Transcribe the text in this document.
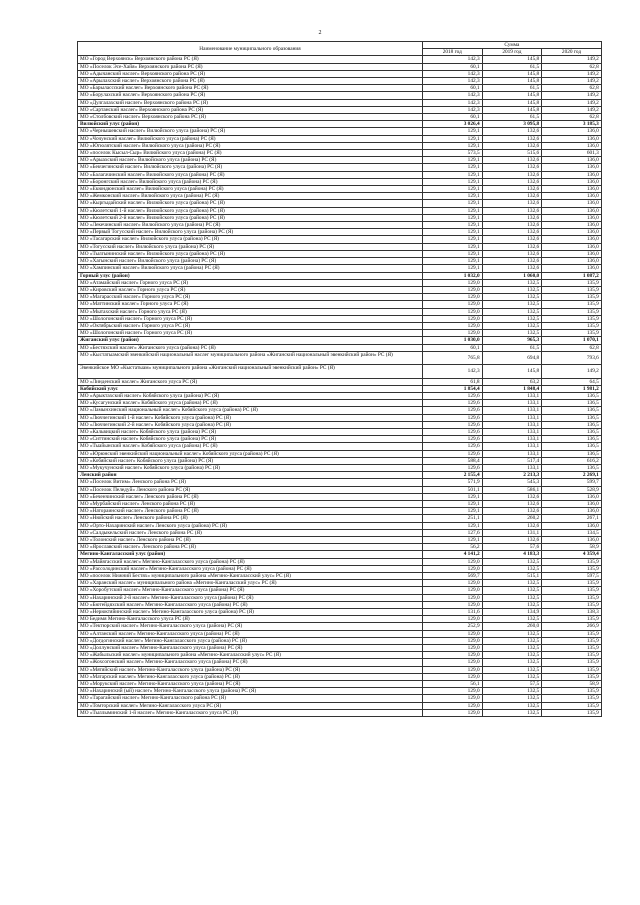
2
Наименование муниципального образования	Сумма		
	2018 год	2019 год	2020 год
МО «Город Верхоянск» Верхоянского района РС (Я)	142,3	145,8	149,2
МО «Поселок Эсе-Хайя» Верхоянского района РС (Я)	60,1	61,5	62,8
МО «Адычанский наслег» Верхоянского района РС (Я)	142,3	145,8	149,2
МО «Арылахский наслег» Верхоянского района РС (Я)	142,3	145,8	149,2
МО «Барылассский наслег» Верхоянского района РС (Я)	60,1	61,5	62,8
МО «Борулахский наслег» Верхоянского района РС (Я)	142,3	145,8	149,2
МО «Дулгалахский наслег» Верхоянского района РС (Я)	142,3	145,8	149,2
МО «Сартанский наслег» Верхоянского района РС (Я)	142,3	145,8	149,2
МО «Столбовский наслег» Верхоянского района РС (Я)	60,1	61,5	62,8
Вилюйский улус (район)	3 026,4	3 095,8	3 185,3
МО «Чернышевский наслег» Вилюйского улуса (района) РС (Я)	129,1	132,6	136,0
МО «Чочунский наслег» Вилюйского улуса (района) РС (Я)	129,1	132,6	136,0
МО «Югюлятский наслег» Вилюйского улуса (района) РС (Я)	129,1	132,6	136,0
МО «поселок Кысыл-Сыр» Вилюйского улуса (района) РС (Я)	573,5	515,6	601,3
МО «Арыахский наслег» Вилюйского улуса (района) РС (Я)	129,1	132,6	136,0
МО «Бекчегинский наслег» Вилюйского улуса (района) РС (Я)	129,1	132,6	136,0
МО «Балагачинский наслег» Вилюйского улуса (района) РС (Я)	129,1	132,6	136,0
МО «Боронгский наслег» Вилюйского улуса (района) РС (Я)	129,1	132,6	136,0
МО «Екюндюнский наслег» Вилюйского улуса (района) РС (Я)	129,1	132,6	136,0
МО «Жемконский наслег» Вилюйского улуса (района) РС (Я)	129,1	132,6	136,0
МО «Кыргыдайский наслег» Вилюйского улуса (района) РС (Я)	129,1	132,6	136,0
МО «Кюлетский 1-й наслег» Вилюйского улуса (района) РС (Я)	129,1	132,6	136,0
МО «Кюлетский 2-й наслег» Вилюйского улуса (района) РС (Я)	129,1	132,6	136,0
МО «Лекечинский наслег» Вилюйского улуса (района) РС (Я)	129,1	132,6	136,0
МО «Первый Тогусский наслег» Вилюйского улуса (района) РС (Я)	129,1	132,6	136,0
МО «Тасагарский наслег» Вилюйского улуса (района) РС (Я)	129,1	132,6	136,0
МО «Тогусский наслег» Вилюйского улуса (района) РС (Я)	129,1	132,6	136,0
МО «Тылгынинский наслег» Вилюйского улуса (района) РС (Я)	129,1	132,6	136,0
МО «Хагынский наслег» Вилюйского улуса (района) РС (Я)	129,1	132,6	136,0
МО «Хампинский наслег» Вилюйского улуса (района) РС (Я)	129,1	132,6	136,0
Горный улус (район)	1 032,0	1 060,0	1 087,2
МО «Атамайский наслег» Горного улуса РС (Я)	129,0	132,5	135,9
МО «Кировский наслег» Горного улуса РС (Я)	129,0	132,5	135,9
МО «Магарасский наслег» Горного улуса РС (Я)	129,0	132,5	135,9
МО «Маттинский наслег» Горного улуса РС (Я)	129,0	132,5	135,9
МО «Мытахский наслег» Горного улуса РС (Я)	129,0	132,5	135,9
МО «Шологонский наслег» Горного улуса РС (Я)	129,0	132,5	135,9
МО «Октябрьский наслег» Горного улуса РС (Я)	129,0	132,5	135,9
МО «Шологонский наслег» Горного улуса РС (Я)	129,0	132,5	135,9
Жиганский улус (район)	1 030,0	965,3	1 070,1
МО «Бестяхский наслег» Жиганского улуса (района) РС (Я)	60,1	61,5	62,8
МО «Кыстатыамский эвенкийский национальный наслег муниципального района «Жиганский национальный эвенкийский район» РС (Я)	765,8	694,8	793,6
Эвенкийское МО «Кыстатыам» муниципального района «Жиганский национальный эвенкийский район» РС (Я)	142,3	145,8	149,2
МО «Линденский наслег» Жиганского улуса РС (Я)	61,8	63,2	64,5
Кобяйский улус	1 854,4	1 848,4	1 981,2
МО «Арыктахский наслег» Кобяйского улуса (района) РС (Я)	129,6	133,1	136,5
МО «Кусагунский наслег» Кобяйского улуса (района) РС (Я)	129,6	133,1	136,5
МО «Ламынхинский национальный наслег» Кобяйского улуса (района) РС (Я)	129,6	133,1	136,5
МО «Люччегинский 1-й наслег» Кобяйского улуса (района) РС (Я)	129,6	133,1	136,5
МО «Люччегинский 2-й наслег» Кобяйского улуса (района) РС (Я)	129,6	133,1	136,5
МО «Кальвицкий наслег» Кобяйского улуса (района) РС (Я)	129,6	133,1	136,5
МО «Ситтинский наслег» Кобяйского улуса (района) РС (Я)	129,6	133,1	136,5
МО «Тыайынский наслег» Кобяйского улуса (района) РС (Я)	129,6	133,1	136,5
МО «Юрюнский эвенкийский национальный наслег» Кобяйского улуса (района) РС (Я)	129,6	133,1	136,5
МО «Кобяйский наслег» Кобяйского улуса (района) РС (Я)	588,4	517,4	616,2
МО «Мукучунский наслег» Кобяйского улуса (района) РС (Я)	129,6	133,1	136,5
Ленский район	2 155,4	2 213,3	2 269,1
МО «Поселок Витим» Ленского района РС (Я)	571,9	545,3	599,7
МО «Поселок Пеледуй» Ленского района РС (Я)	501,1	586,1	528,9
МО «Беченчинский наслег» Ленского района РС (Я)	129,1	132,6	136,0
МО «Мурбайский наслег» Ленского района РС (Я)	129,1	132,6	136,0
МО «Натораинский наслег» Ленского района РС (Я)	129,1	132,6	136,0
МО «Нюйский наслег» Ленского района РС (Я)	251,1	260,2	267,1
МО «Орто-Нахаринский наслег» Ленского улуса (района) РС (Я)	129,1	132,6	136,0
МО «Салдыкельский наслег» Ленского района РС (Я)	127,6	131,1	134,5
МО «Толонский наслег» Ленского района РС (Я)	129,1	132,6	136,0
МО «Ярославский наслег» Ленского района РС (Я)	56,2	57,6	58,9
Мегино-Кангаласский улус (район)	4 141,2	4 183,3	4 359,4
МО «Майягасский наслег» Мегино-Кангаласского улуса (района) РС (Я)	129,0	132,5	135,9
МО «Рассолодинский наслег» Мегино-Кангаласского улуса (района) РС (Я)	129,0	132,5	135,9
МО «поселок Нижний Бестях» муниципального района «Мегино-Кангаласский улус» РС (Я)	569,7	515,1	597,5
МО «Харанский наслег» муниципального района «Мегино-Кангаласский улус» РС (Я)	129,0	132,5	135,9
МО «Хоробутский наслег» Мегино-Кангаласского улуса (района) РС (Я)	129,0	132,5	135,9
МО «Нахаринский 2-й наслег» Мегино-Кангаласского улуса (района) РС (Я)	129,0	132,5	135,9
МО «Бютейдяхский наслег» Мегино-Кангаласского улуса (района) РС (Я)	129,0	132,5	135,9
МО «Нерюктяйинский наслег» Мегино-Кангаласского улуса (района) РС (Я)	131,6	134,9	138,3
МО Бедимя Мегино-Кангаласского улуса РС (Я)	129,0	132,5	135,9
МО «Тектюрский наслег» Мегино-Кангаласского улуса (района) РС (Я)	252,9	260,0	266,9
МО «Алтанский наслег» Мегино-Кангаласского улуса (района) РС (Я)	129,0	132,5	135,9
МО «Догдогинский наслег» Мегино-Кангаласского улуса (района) РС (Я)	129,0	132,5	135,9
МО «Доллунский наслег» Мегино-Кангаласского улуса (района) РС (Я)	129,0	132,5	135,9
МО «Жабыльский наслег» муниципального района «Мегино-Кангаласский улус» РС (Я)	129,0	132,5	135,9
МО «Жохсогонский наслег» Мегино-Кангаласского улуса (района) РС (Я)	129,0	132,5	135,9
МО «Мятяйский наслег» Мегино-Кангаласского улуса (района) РС (Я)	129,0	132,5	135,9
МО «Матарский наслег» Мегино-Кангаласского улуса (района) РС (Я)	129,0	132,5	135,9
МО «Морукский наслег» Мегино-Кангаласского улуса (района) РС (Я)	56,1	57,5	58,9
МО «Нахаринский (ый) наслег» Мегино-Кангаласского улуса (района) РС (Я)	129,0	132,5	135,9
МО «Тарагайский наслег» Мегино-Кангаласского района РС (Я)	129,0	132,5	135,9
МО «Томторский наслег» Мегино-Кангаласского улуса РС (Я)	129,0	132,5	135,9
МО «Тыллыминский 1-й наслег» Мегино-Кангаласского улуса РС (Я)	129,0	132,5	135,9
